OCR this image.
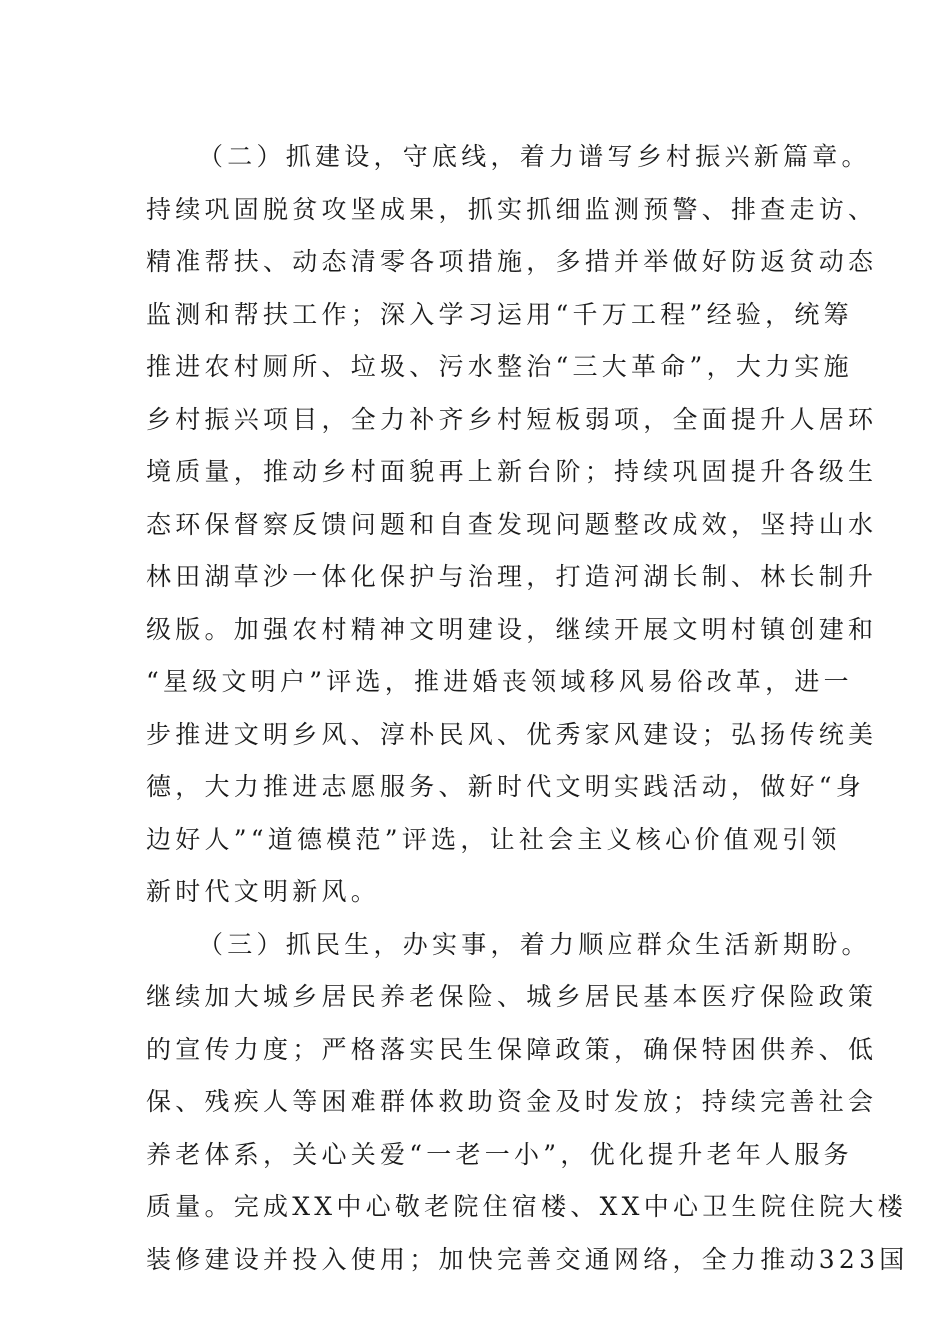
（二）抓建设，守底线，着力谱写乡村振兴新篇章。
持续巩固脱贫攻坚成果，抓实抓细监测预警、排查走访、
精准帮扶、动态清零各项措施，多措并举做好防返贫动态
监测和帮扶工作；深入学习运用“千万工程”经验，统筹
推进农村厕所、垃圾、污水整治“三大革命”，大力实施
乡村振兴项目，全力补齐乡村短板弱项，全面提升人居环
境质量，推动乡村面貌再上新台阶；持续巩固提升各级生
态环保督察反馈问题和自查发现问题整改成效，坚持山水
林田湖草沙一体化保护与治理，打造河湖长制、林长制升
级版。加强农村精神文明建设，继续开展文明村镇创建和
“星级文明户”评选，推进婚丧领域移风易俗改革，进一
步推进文明乡风、淳朴民风、优秀家风建设；弘扬传统美
德，大力推进志愿服务、新时代文明实践活动，做好“身
边好人”“道德模范”评选，让社会主义核心价值观引领
新时代文明新风。
（三）抓民生，办实事，着力顺应群众生活新期盼。
继续加大城乡居民养老保险、城乡居民基本医疗保险政策
的宣传力度；严格落实民生保障政策，确保特困供养、低
保、残疾人等困难群体救助资金及时发放；持续完善社会
养老体系，关心关爱“一老一小”，优化提升老年人服务
质量。完成XX中心敬老院住宿楼、XX中心卫生院住院大楼
装修建设并投入使用；加快完善交通网络，全力推动323国
